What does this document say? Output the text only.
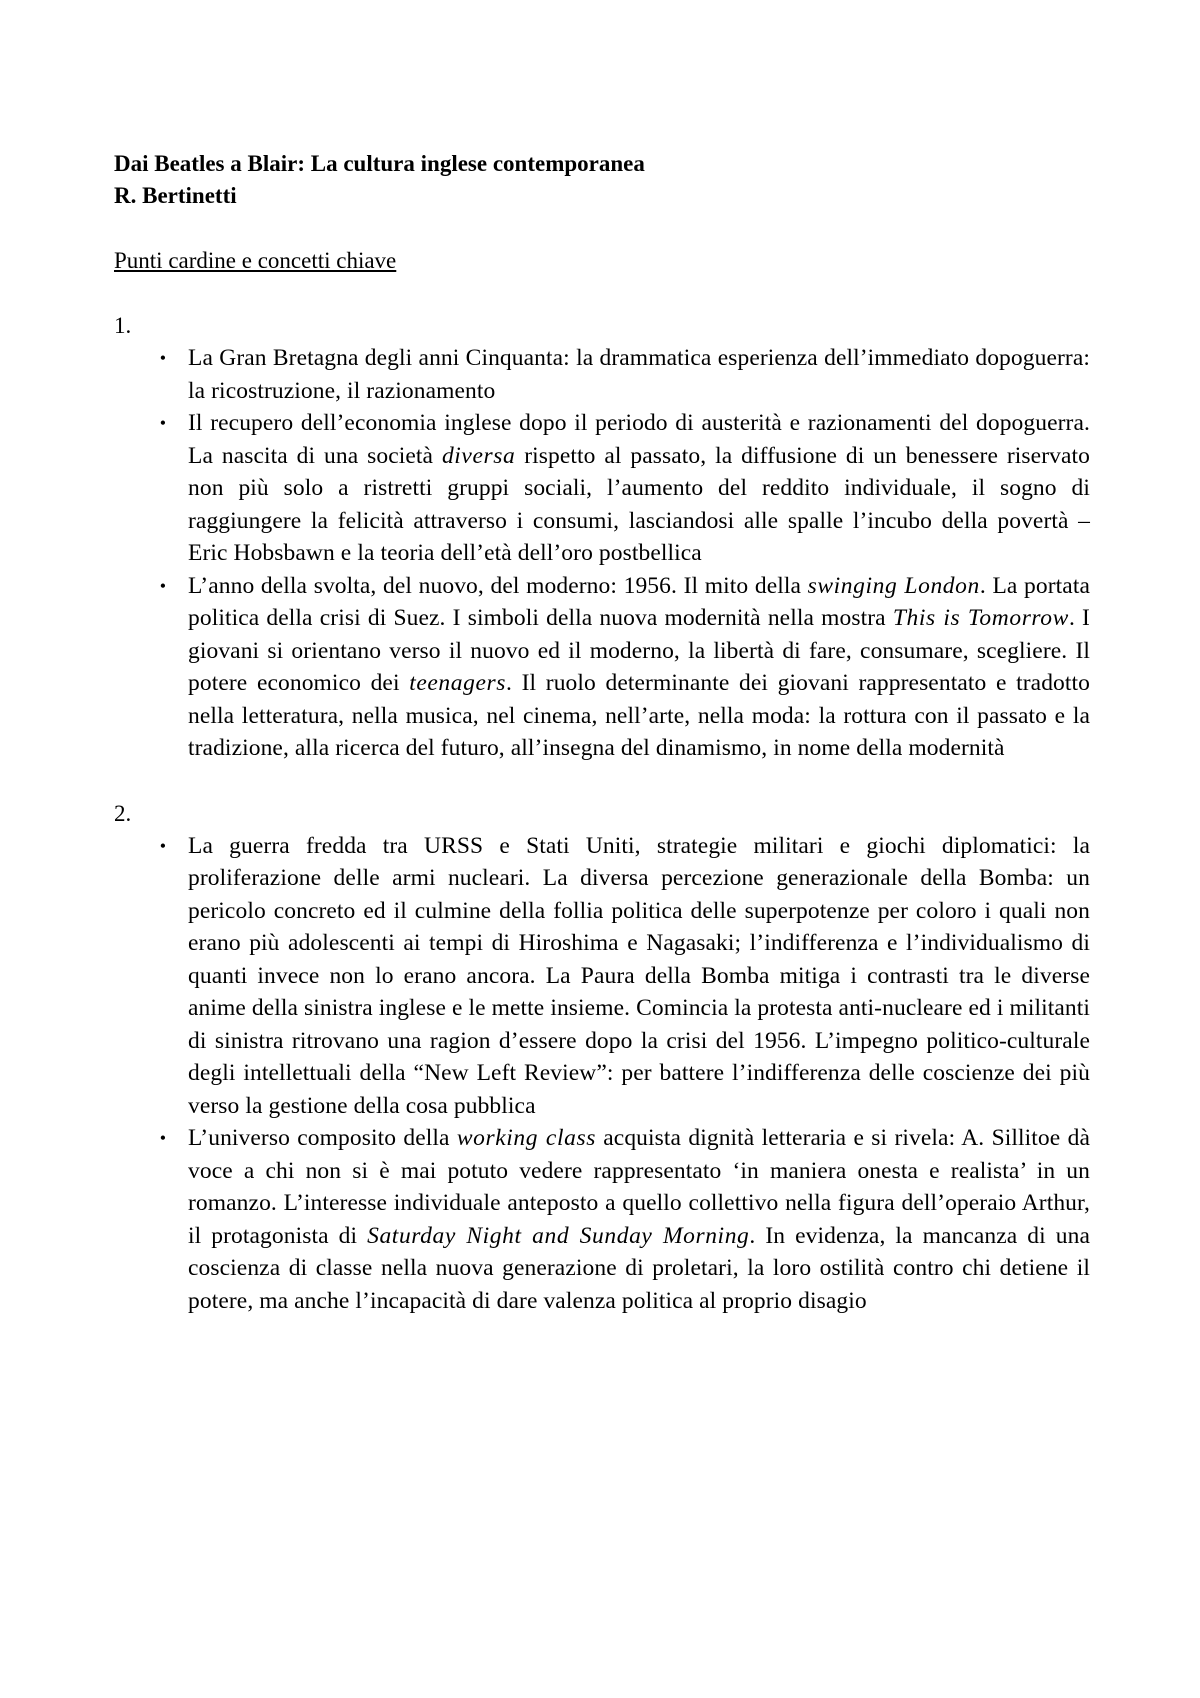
Dai Beatles a Blair: La cultura inglese contemporanea

R. Bertinetti

Punti cardine e concetti chiave

1.

• La Gran Bretagna degli anni Cinquanta: la drammatica esperienza dell’immediato dopoguerra: la ricostruzione, il razionamento
• Il recupero dell’economia inglese dopo il periodo di austerità e razionamenti del dopoguerra. La nascita di una società diversa rispetto al passato, la diffusione di un benessere riservato non più solo a ristretti gruppi sociali, l’aumento del reddito individuale, il sogno di raggiungere la felicità attraverso i consumi, lasciandosi alle spalle l’incubo della povertà – Eric Hobsbawn e la teoria dell’età dell’oro postbellica
• L’anno della svolta, del nuovo, del moderno: 1956. Il mito della swinging London. La portata politica della crisi di Suez. I simboli della nuova modernità nella mostra This is Tomorrow. I giovani si orientano verso il nuovo ed il moderno, la libertà di fare, consumare, scegliere. Il potere economico dei teenagers. Il ruolo determinante dei giovani rappresentato e tradotto nella letteratura, nella musica, nel cinema, nell’arte, nella moda: la rottura con il passato e la tradizione, alla ricerca del futuro, all’insegna del dinamismo, in nome della modernità

2.

• La guerra fredda tra URSS e Stati Uniti, strategie militari e giochi diplomatici: la proliferazione delle armi nucleari. La diversa percezione generazionale della Bomba: un pericolo concreto ed il culmine della follia politica delle superpotenze per coloro i quali non erano più adolescenti ai tempi di Hiroshima e Nagasaki; l’indifferenza e l’individualismo di quanti invece non lo erano ancora. La Paura della Bomba mitiga i contrasti tra le diverse anime della sinistra inglese e le mette insieme. Comincia la protesta anti-nucleare ed i militanti di sinistra ritrovano una ragion d’essere dopo la crisi del 1956. L’impegno politico-culturale degli intellettuali della “New Left Review”: per battere l’indifferenza delle coscienze dei più verso la gestione della cosa pubblica
• L’universo composito della working class acquista dignità letteraria e si rivela: A. Sillitoe dà voce a chi non si è mai potuto vedere rappresentato ‘in maniera onesta e realista’ in un romanzo. L’interesse individuale anteposto a quello collettivo nella figura dell’operaio Arthur, il protagonista di Saturday Night and Sunday Morning. In evidenza, la mancanza di una coscienza di classe nella nuova generazione di proletari, la loro ostilità contro chi detiene il potere, ma anche l’incapacità di dare valenza politica al proprio disagio
